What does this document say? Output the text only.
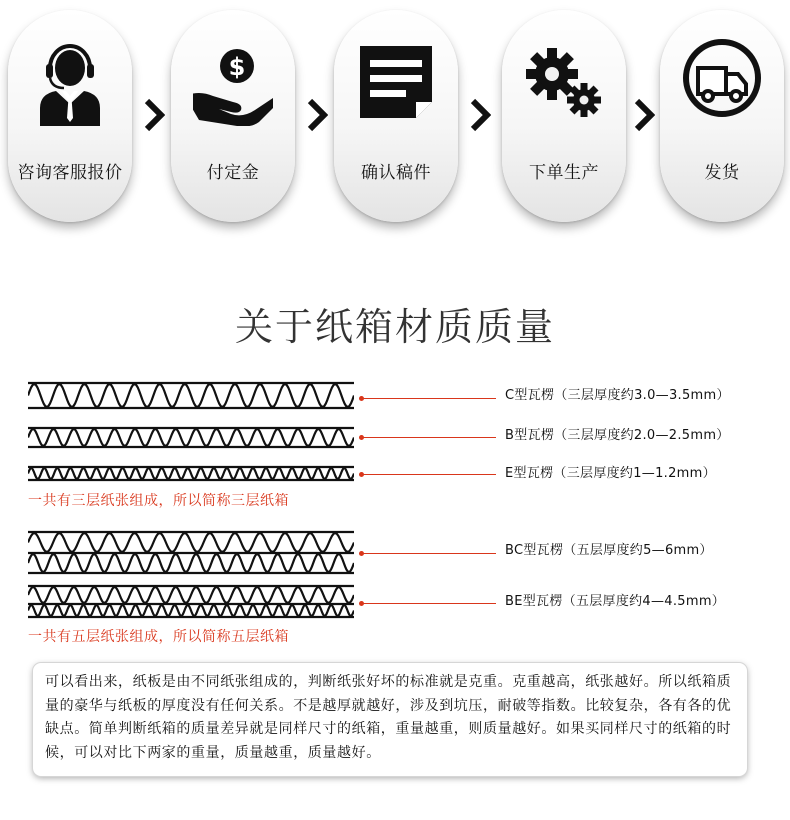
咨询客服报价
$
付定金	确认稿件	下单生产	发货
关于纸箱材质质量
C型瓦楞（三层厚度约3.0—3.5mm）
B型瓦楞（三层厚度约2.0—2.5mm）
E型瓦楞（三层厚度约1—1.2mm）
一共有三层纸张组成，所以简称三层纸箱
BC型瓦楞（五层厚度约5—6mm）
BE型瓦楞（五层厚度约4—4.5mm）
一共有五层纸张组成，所以简称五层纸箱

可以看出来，纸板是由不同纸张组成的，判断纸张好坏的标准就是克重。克重越高，纸张越好。所以纸箱质量的豪华与纸板的厚度没有任何关系。不是越厚就越好，涉及到坑压，耐破等指数。比较复杂，各有各的优缺点。简单判断纸箱的质量差异就是同样尺寸的纸箱，重量越重，则质量越好。如果买同样尺寸的纸箱的时候，可以对比下两家的重量，质量越重，质量越好。
